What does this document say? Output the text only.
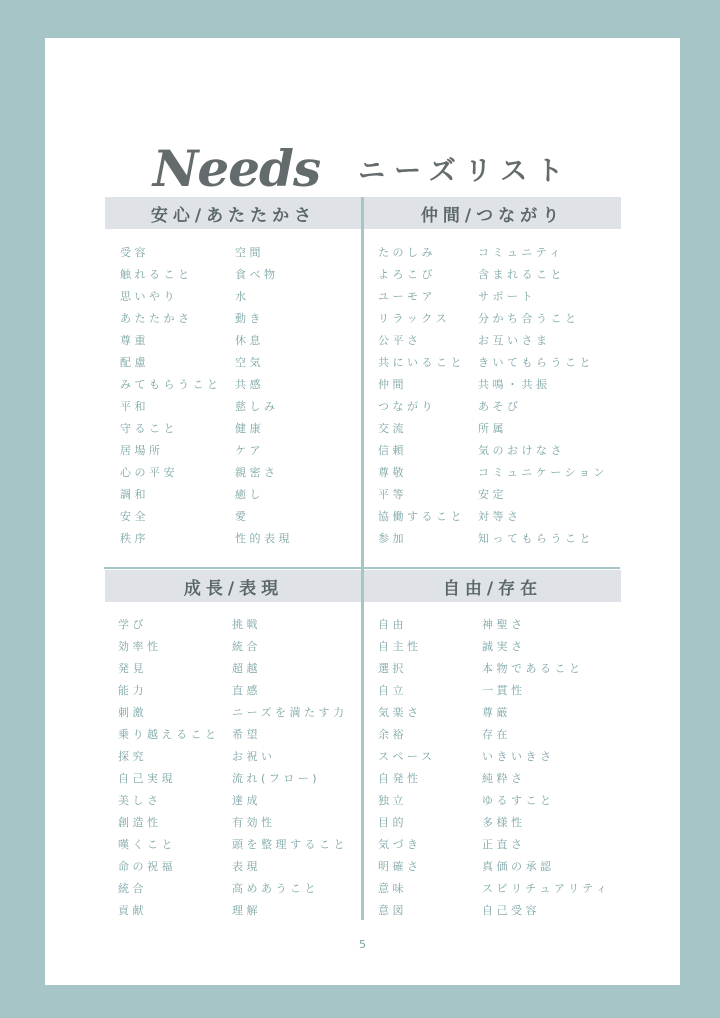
Needs ニーズリスト
5
安心/あたたかさ
受容
触れること
思いやり
あたたかさ
尊重
配慮
みてもらうこと
平和
守ること
居場所
心の平安
調和
安全
秩序
空間
食べ物
水
動き
休息
空気
共感
慈しみ
健康
ケア
親密さ
癒し
愛
性的表現
仲間/つながり
たのしみ
よろこび
ユーモア
リラックス
公平さ
共にいること
仲間
つながり
交流
信頼
尊敬
平等
協働すること
参加
コミュニティ
含まれること
サポート
分かち合うこと
お互いさま
きいてもらうこと
共鳴・共振
あそび
所属
気のおけなさ
コミュニケーション
安定
対等さ
知ってもらうこと
成長/表現
学び
効率性
発見
能力
刺激
乗り越えること
探究
自己実現
美しさ
創造性
嘆くこと
命の祝福
統合
貢献
挑戦
統合
超越
直感
ニーズを満たす力
希望
お祝い
流れ(フロー)
達成
有効性
頭を整理すること
表現
高めあうこと
理解
自由/存在
自由
自主性
選択
自立
気楽さ
余裕
スペース
自発性
独立
目的
気づき
明確さ
意味
意図
神聖さ
誠実さ
本物であること
一貫性
尊厳
存在
いきいきさ
純粋さ
ゆるすこと
多様性
正直さ
真価の承認
スピリチュアリティ
自己受容
